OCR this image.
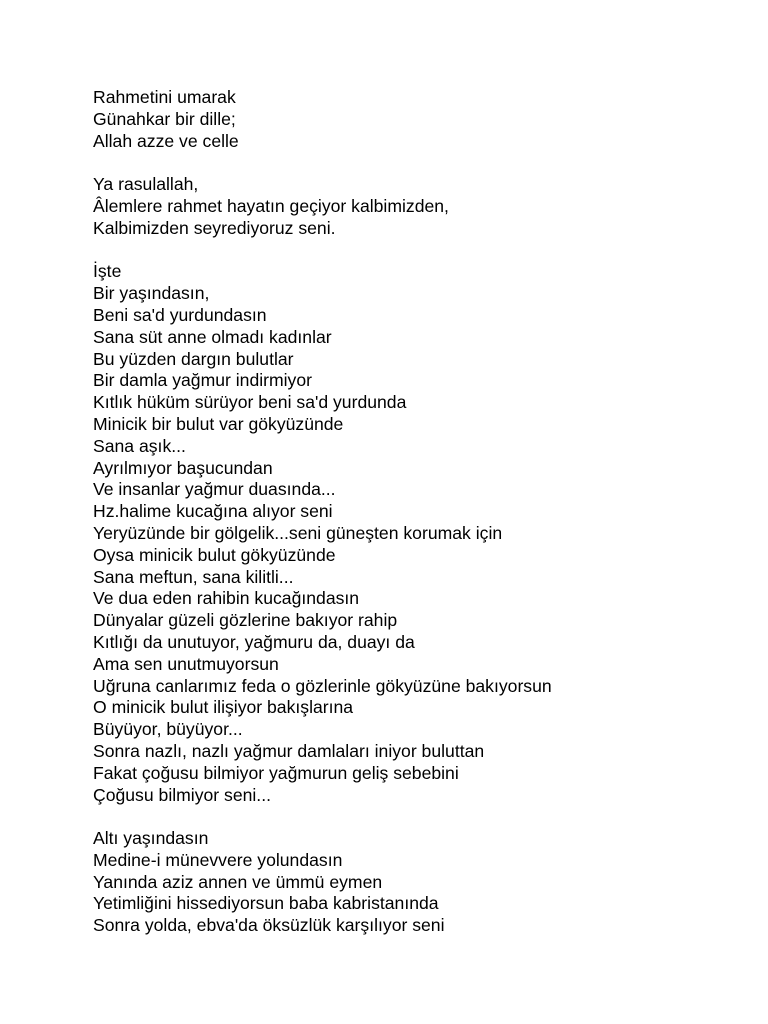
Rahmetini umarak
Günahkar bir dille;
Allah azze ve celle
Ya rasulallah,
Âlemlere rahmet hayatın geçiyor kalbimizden,
Kalbimizden seyrediyoruz seni.
İşte
Bir yaşındasın,
Beni sa'd yurdundasın
Sana süt anne olmadı kadınlar
Bu yüzden dargın bulutlar
Bir damla yağmur indirmiyor
Kıtlık hüküm sürüyor beni sa'd yurdunda
Minicik bir bulut var gökyüzünde
Sana aşık...
Ayrılmıyor başucundan
Ve insanlar yağmur duasında...
Hz.halime kucağına alıyor seni
Yeryüzünde bir gölgelik...seni güneşten korumak için
Oysa minicik bulut gökyüzünde
Sana meftun, sana kilitli...
Ve dua eden rahibin kucağındasın
Dünyalar güzeli gözlerine bakıyor rahip
Kıtlığı da unutuyor, yağmuru da, duayı da
Ama sen unutmuyorsun
Uğruna canlarımız feda o gözlerinle gökyüzüne bakıyorsun
O minicik bulut ilişiyor bakışlarına
Büyüyor, büyüyor...
Sonra nazlı, nazlı yağmur damlaları iniyor buluttan
Fakat çoğusu bilmiyor yağmurun geliş sebebini
Çoğusu bilmiyor seni...
Altı yaşındasın
Medine-i münevvere yolundasın
Yanında aziz annen ve ümmü eymen
Yetimliğini hissediyorsun baba kabristanında
Sonra yolda, ebva'da öksüzlük karşılıyor seni
